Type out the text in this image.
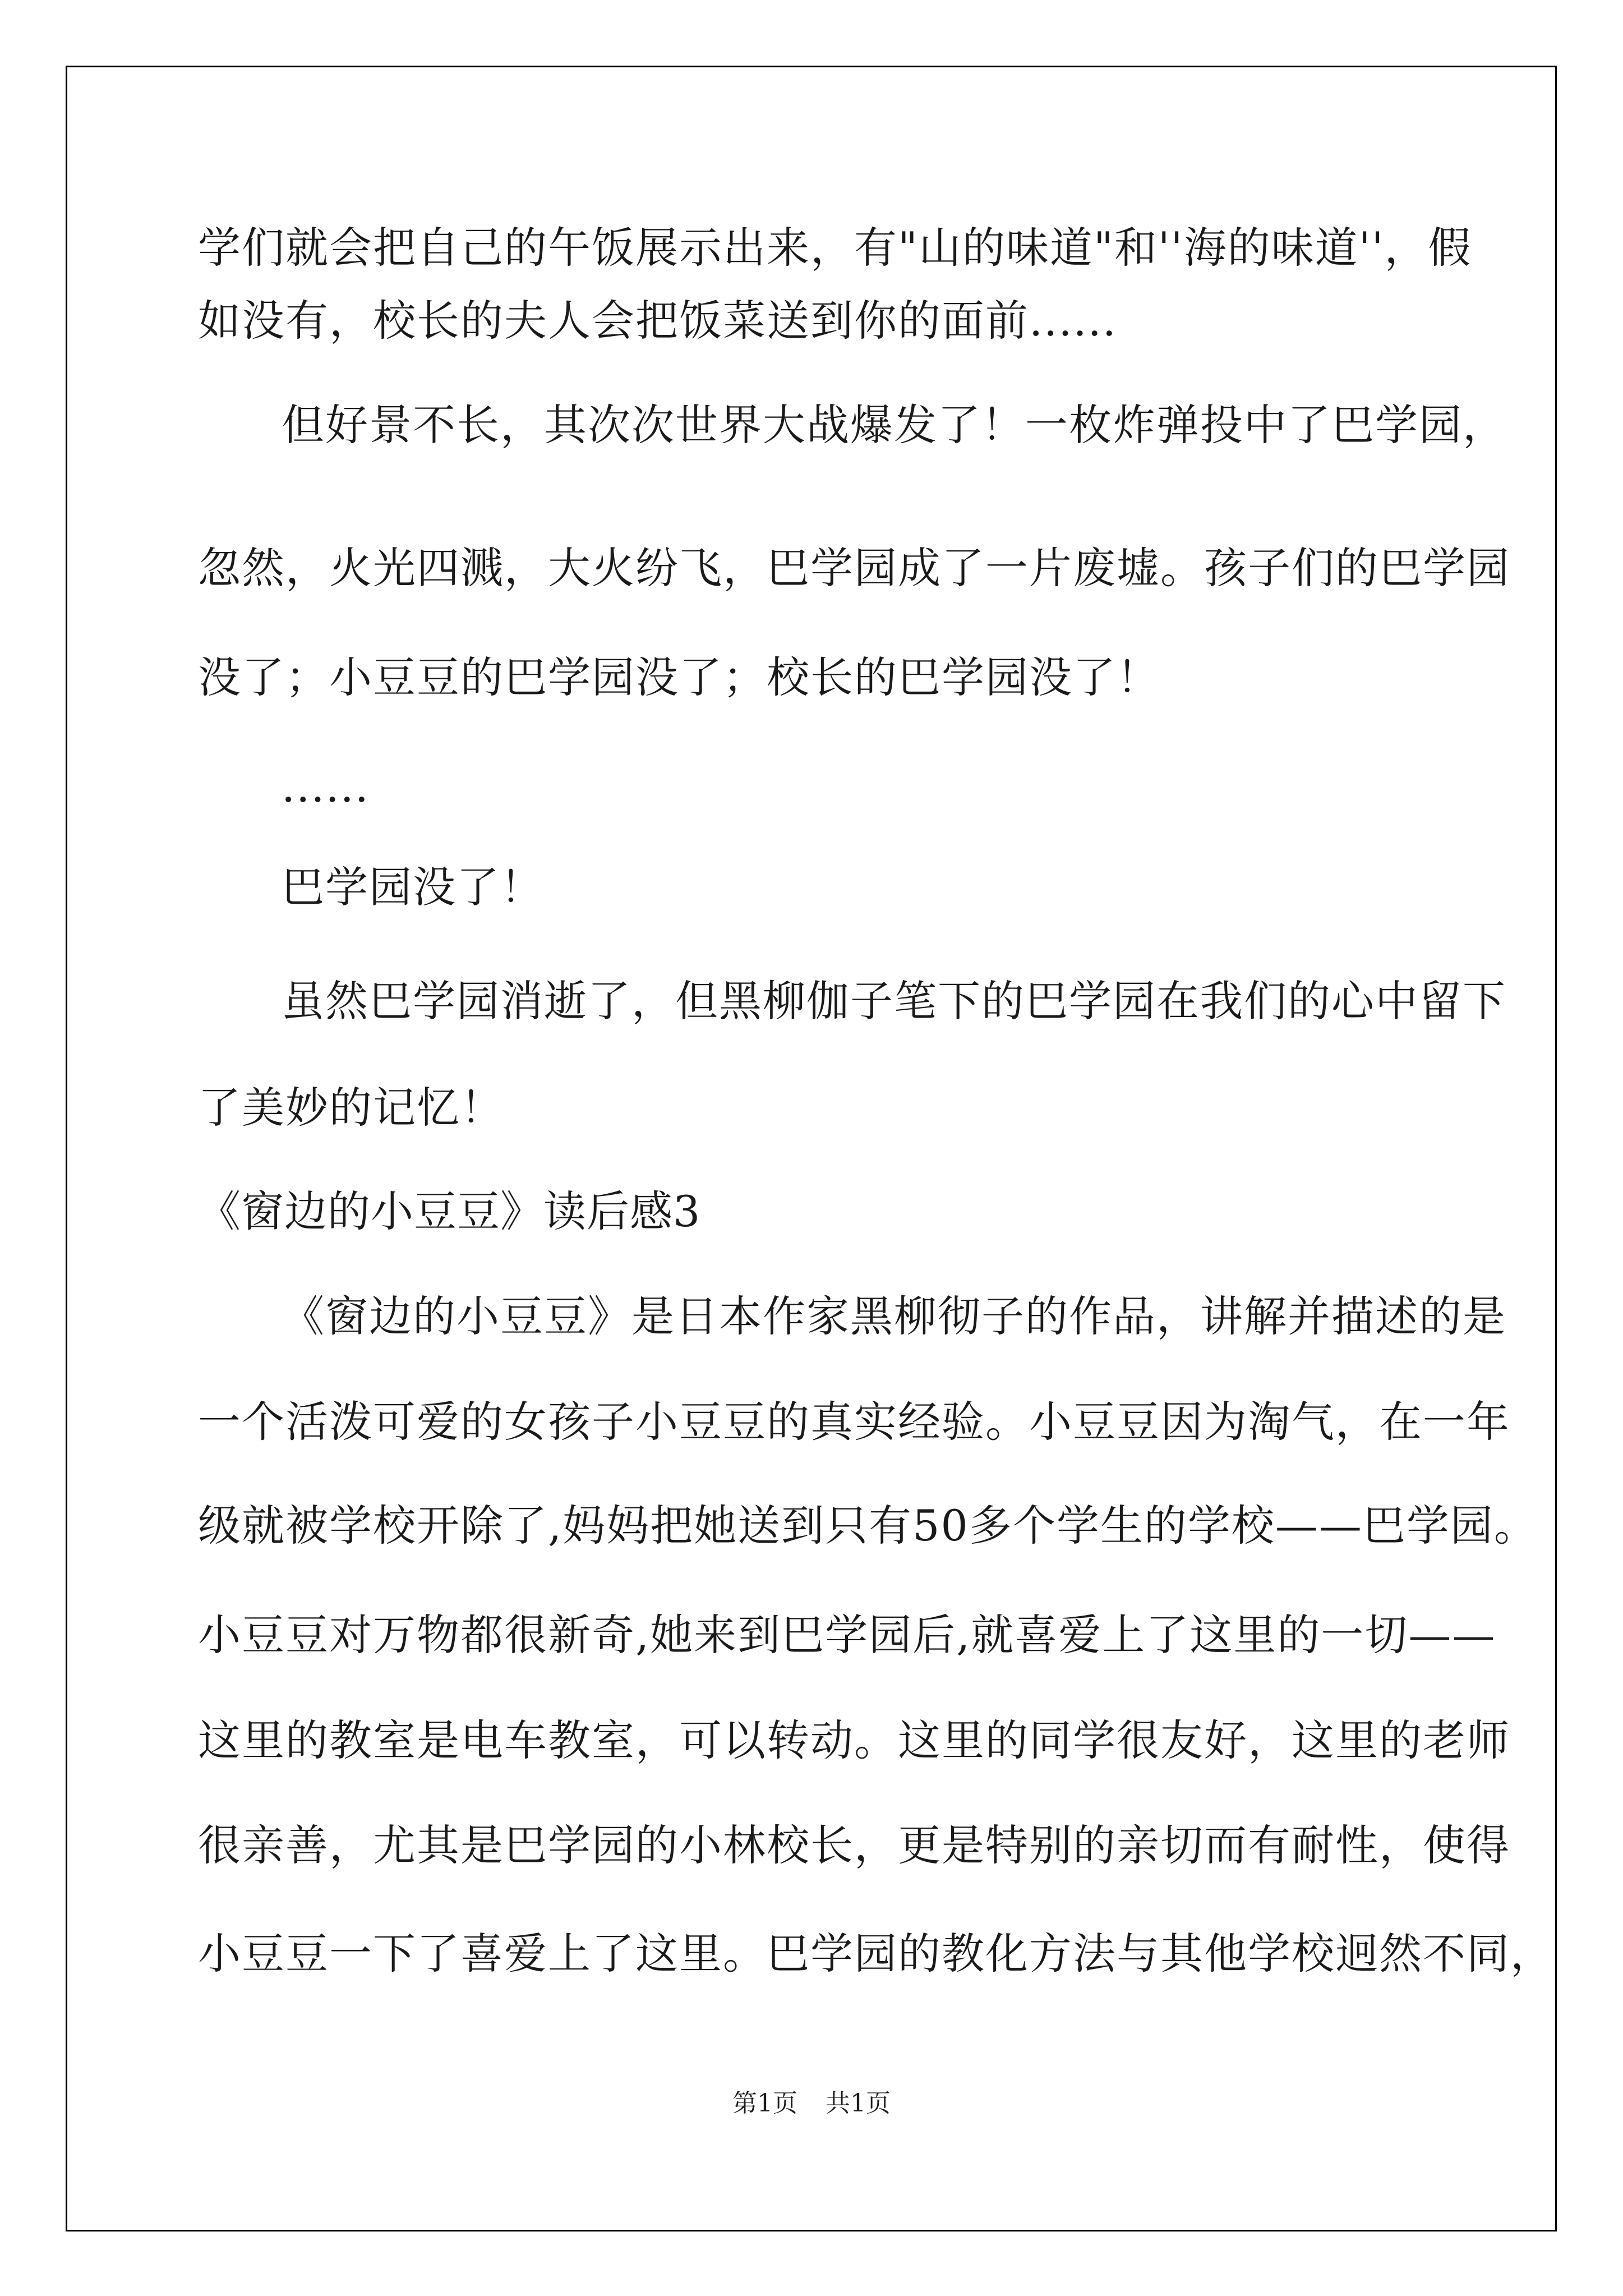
学们就会把自己的午饭展示出来，有"山的味道"和''海的味道''，假
如没有，校长的夫人会把饭菜送到你的面前......
但好景不长，其次次世界大战爆发了！一枚炸弹投中了巴学园，
忽然，火光四溅，大火纷飞，巴学园成了一片废墟。孩子们的巴学园
没了；小豆豆的巴学园没了；校长的巴学园没了！
......
巴学园没了！
虽然巴学园消逝了，但黑柳伽子笔下的巴学园在我们的心中留下
了美妙的记忆！
《窗边的小豆豆》读后感3
《窗边的小豆豆》是日本作家黑柳彻子的作品，讲解并描述的是
一个活泼可爱的女孩子小豆豆的真实经验。小豆豆因为淘气，在一年
级就被学校开除了,妈妈把她送到只有50多个学生的学校——巴学园。
小豆豆对万物都很新奇,她来到巴学园后,就喜爱上了这里的一切——
这里的教室是电车教室，可以转动。这里的同学很友好，这里的老师
很亲善，尤其是巴学园的小林校长，更是特别的亲切而有耐性，使得
小豆豆一下了喜爱上了这里。巴学园的教化方法与其他学校迥然不同，
第1页 共1页
